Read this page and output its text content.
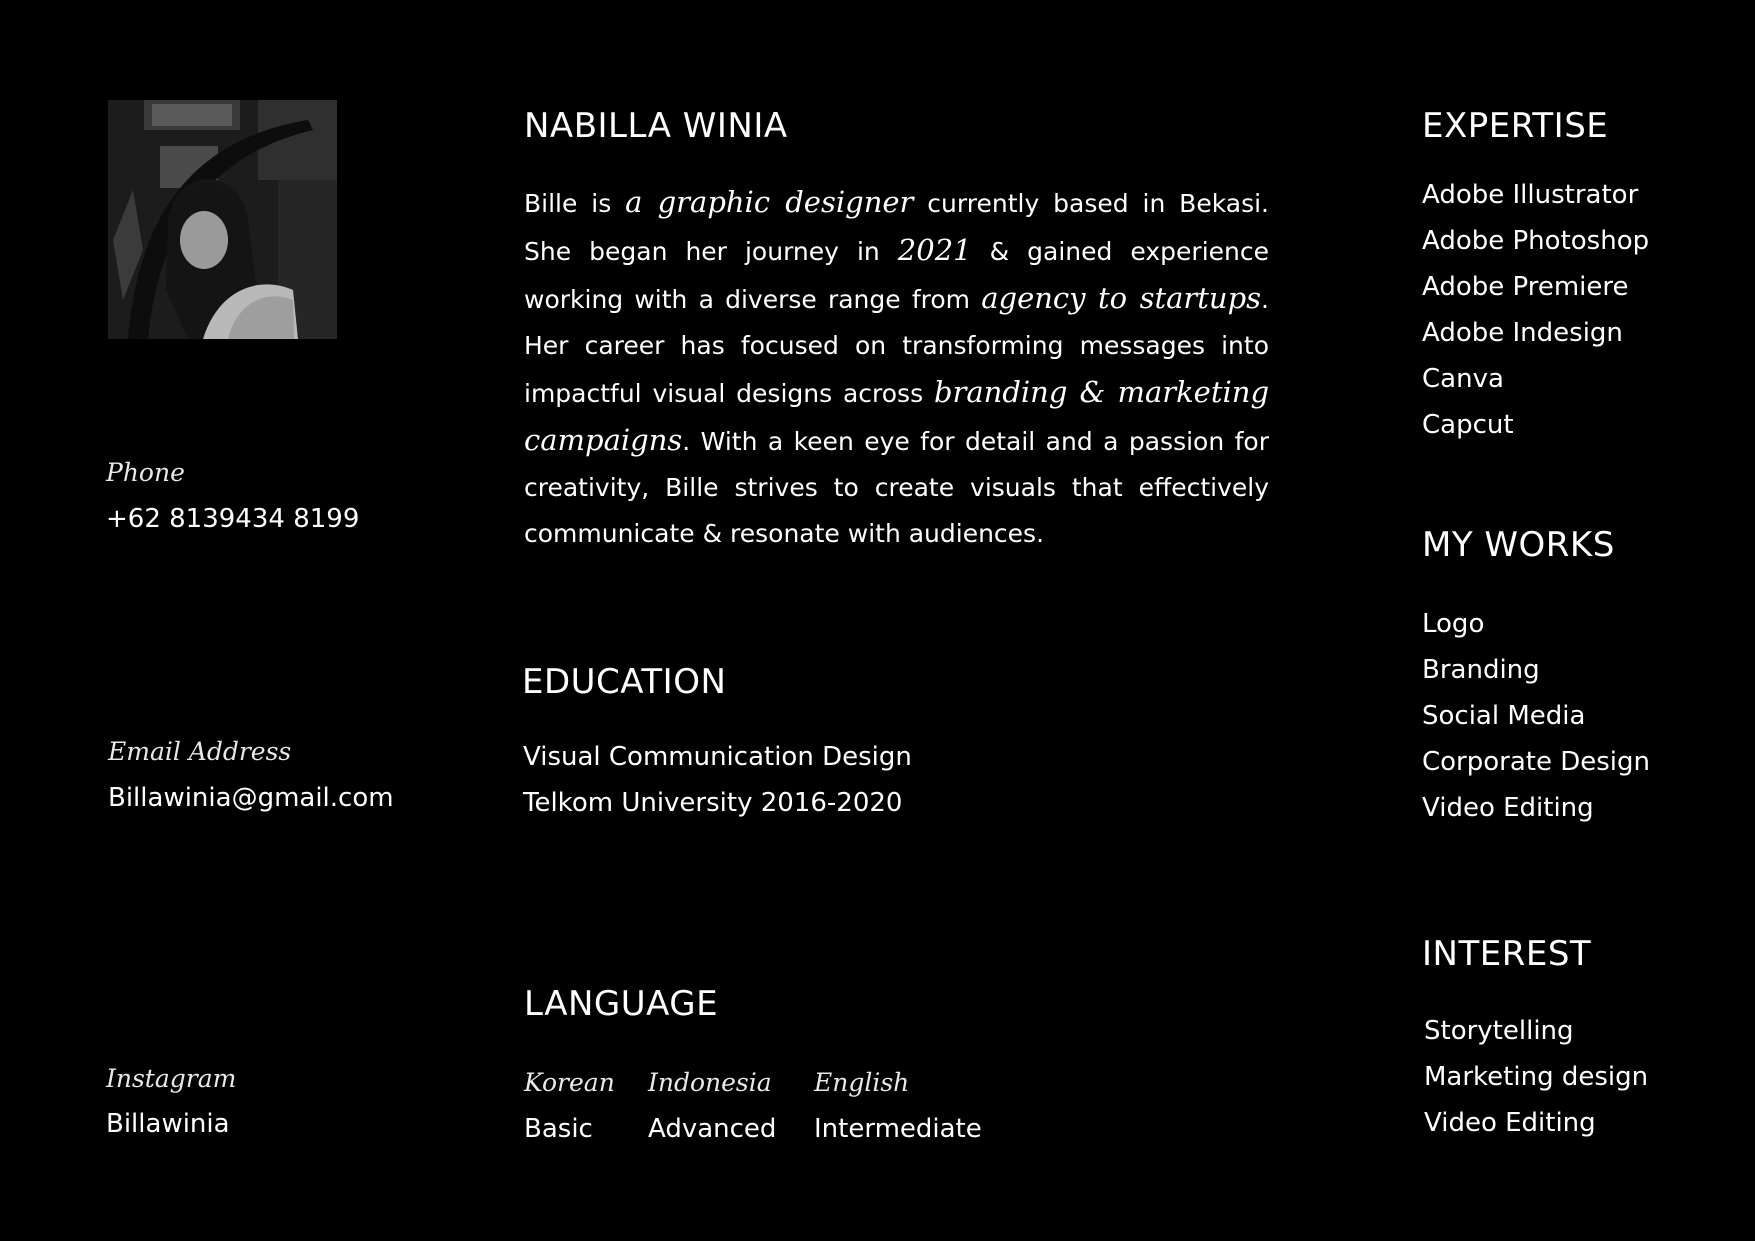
Phone
+62 8139434 8199
Email Address
Billawinia@gmail.com
Instagram
Billawinia
NABILLA WINIA

Bille is a graphic designer currently based in Bekasi. She began her journey in 2021 & gained experience working with a diverse range from agency to startups. Her career has focused on transforming messages into impactful visual designs across branding & marketing campaigns. With a keen eye for detail and a passion for creativity, Bille strives to create visuals that effectively communicate & resonate with audiences.

EDUCATION
Visual Communication Design
Telkom University 2016-2020
LANGUAGE
Korean
Basic
Indonesia
Advanced
English
Intermediate
EXPERTISE
Adobe Illustrator
Adobe Photoshop
Adobe Premiere
Adobe Indesign
Canva
Capcut
MY WORKS
Logo
Branding
Social Media
Corporate Design
Video Editing
INTEREST
Storytelling
Marketing design
Video Editing
